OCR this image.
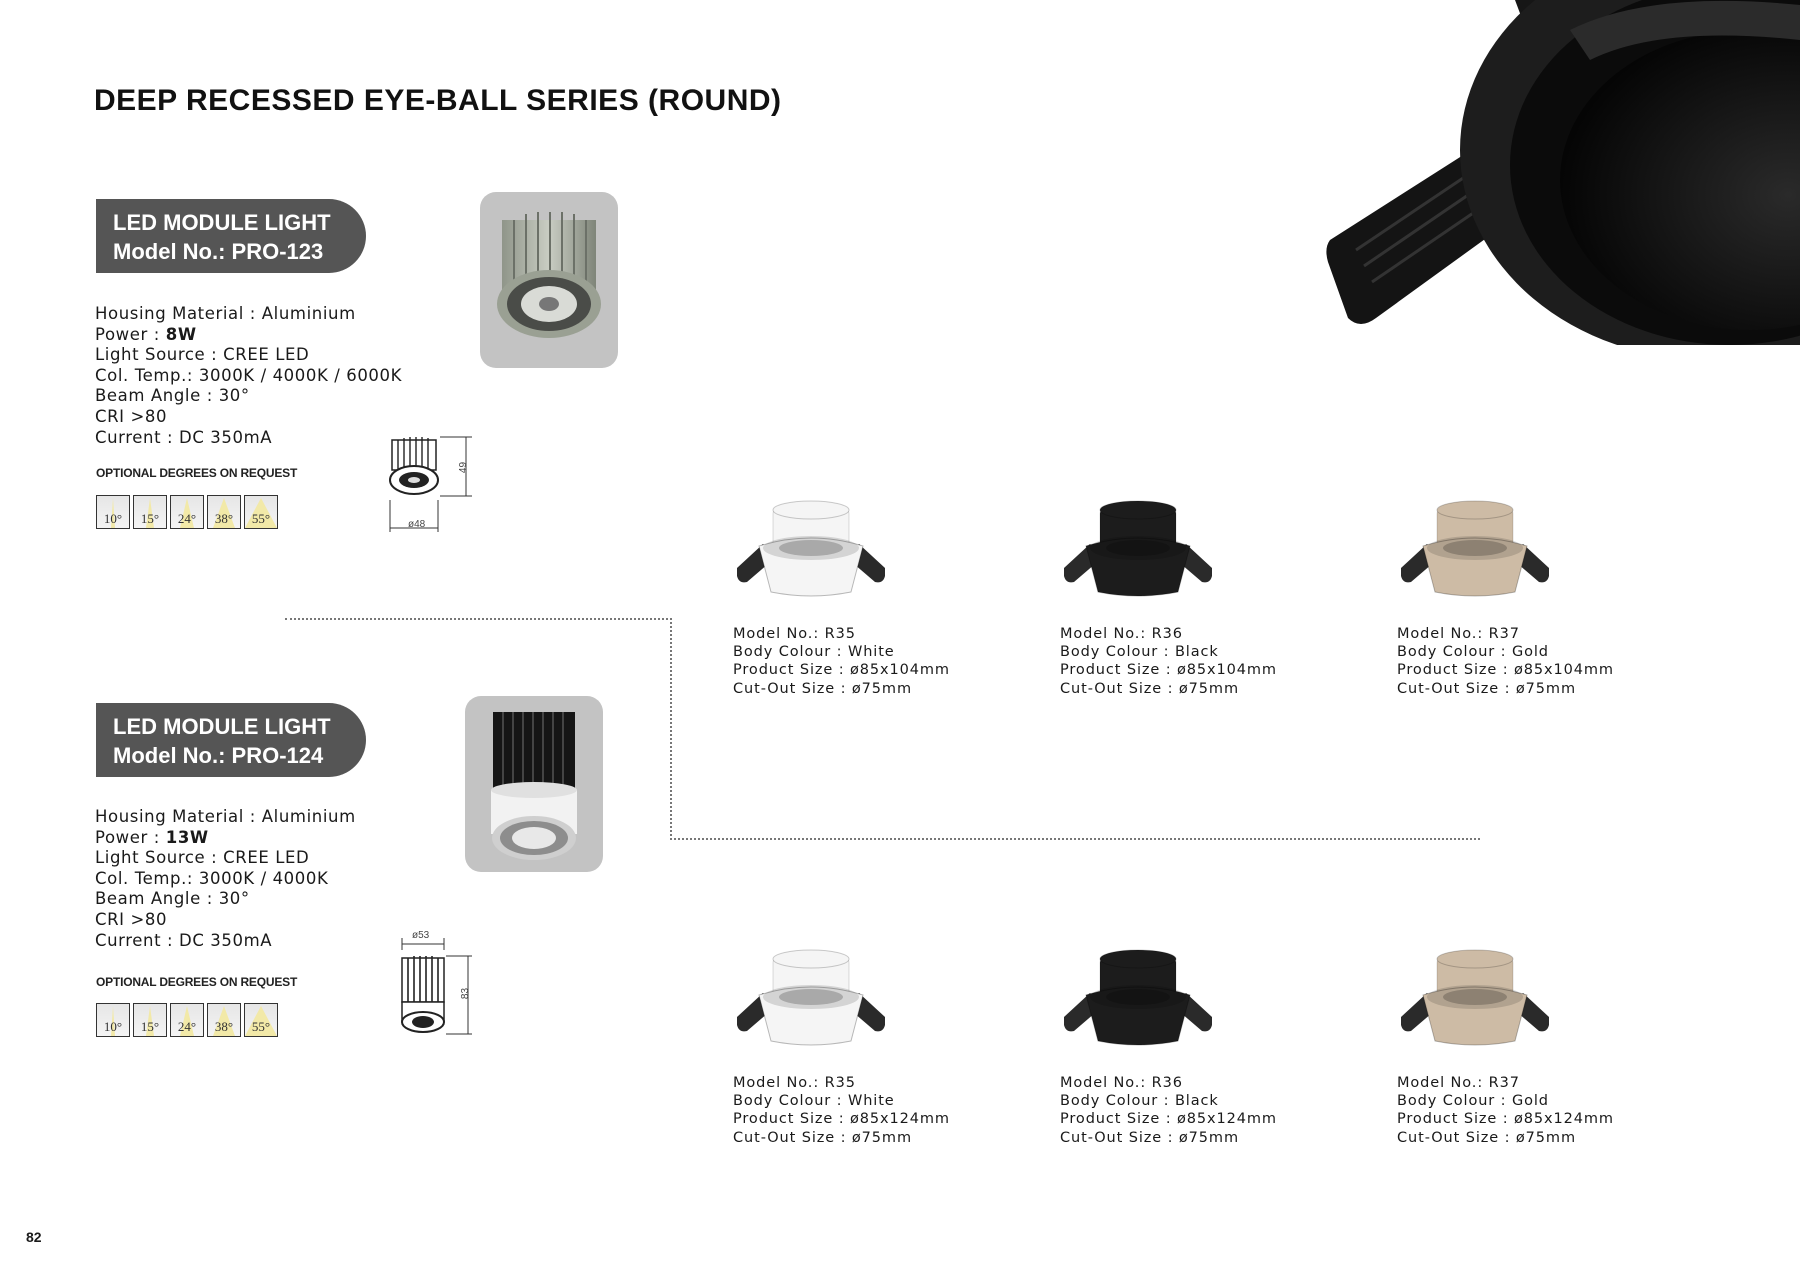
DEEP RECESSED EYE-BALL SERIES (ROUND)
LED MODULE LIGHT
Model No.: PRO-123
Housing Material : Aluminium
Power : 8W
Light Source : CREE LED
Col. Temp.: 3000K / 4000K / 6000K
Beam Angle : 30°
CRI >80
Current : DC 350mA
OPTIONAL DEGREES ON REQUEST
10°	15°	24°	38°	55°
49
ø48
LED MODULE LIGHT
Model No.: PRO-124
Housing Material : Aluminium
Power : 13W
Light Source : CREE LED
Col. Temp.: 3000K / 4000K
Beam Angle : 30°
CRI >80
Current : DC 350mA
OPTIONAL DEGREES ON REQUEST
10°	15°	24°	38°	55°
ø53
83
Model No.: R35
Body Colour : White
Product Size : ø85x104mm
Cut-Out Size : ø75mm
Model No.: R36
Body Colour : Black
Product Size : ø85x104mm
Cut-Out Size : ø75mm
Model No.: R37
Body Colour : Gold
Product Size : ø85x104mm
Cut-Out Size : ø75mm
Model No.: R35
Body Colour : White
Product Size : ø85x124mm
Cut-Out Size : ø75mm
Model No.: R36
Body Colour : Black
Product Size : ø85x124mm
Cut-Out Size : ø75mm
Model No.: R37
Body Colour : Gold
Product Size : ø85x124mm
Cut-Out Size : ø75mm
82
